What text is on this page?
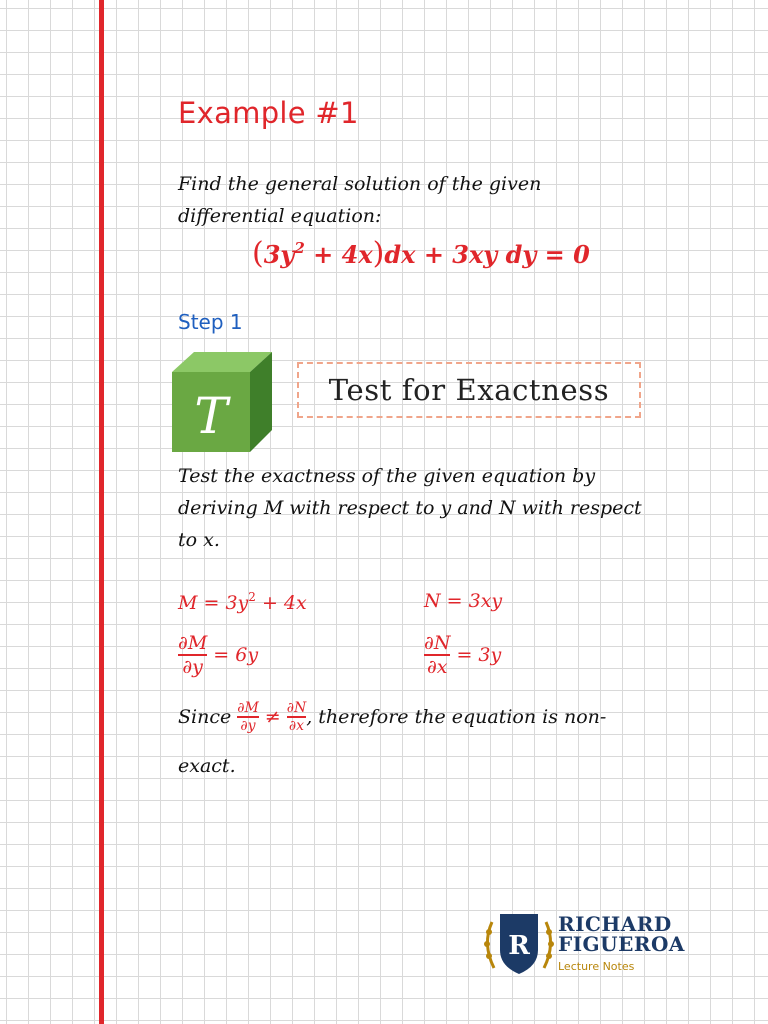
Example #1
Find the general solution of the given differential equation:
$(3y^2 + 4x)dx + 3xy$ dy = 0
Step 1
T	Test for Exactness
Test the exactness of the given equation by deriving M with respect to y and N with respect to x.
$M = 3y^2 + 4x$	N = 3xy
$\frac{\partial M}{\partial y} = 6y$	$\frac{\partial N}{\partial x} = 3y$
Since $\frac{\partial M}{\partial y} \ne \frac{\partial N}{\partial x}$ , therefore the equation is non-
exact.
R
RICHARD
FIGUEROA
Lecture Notes
